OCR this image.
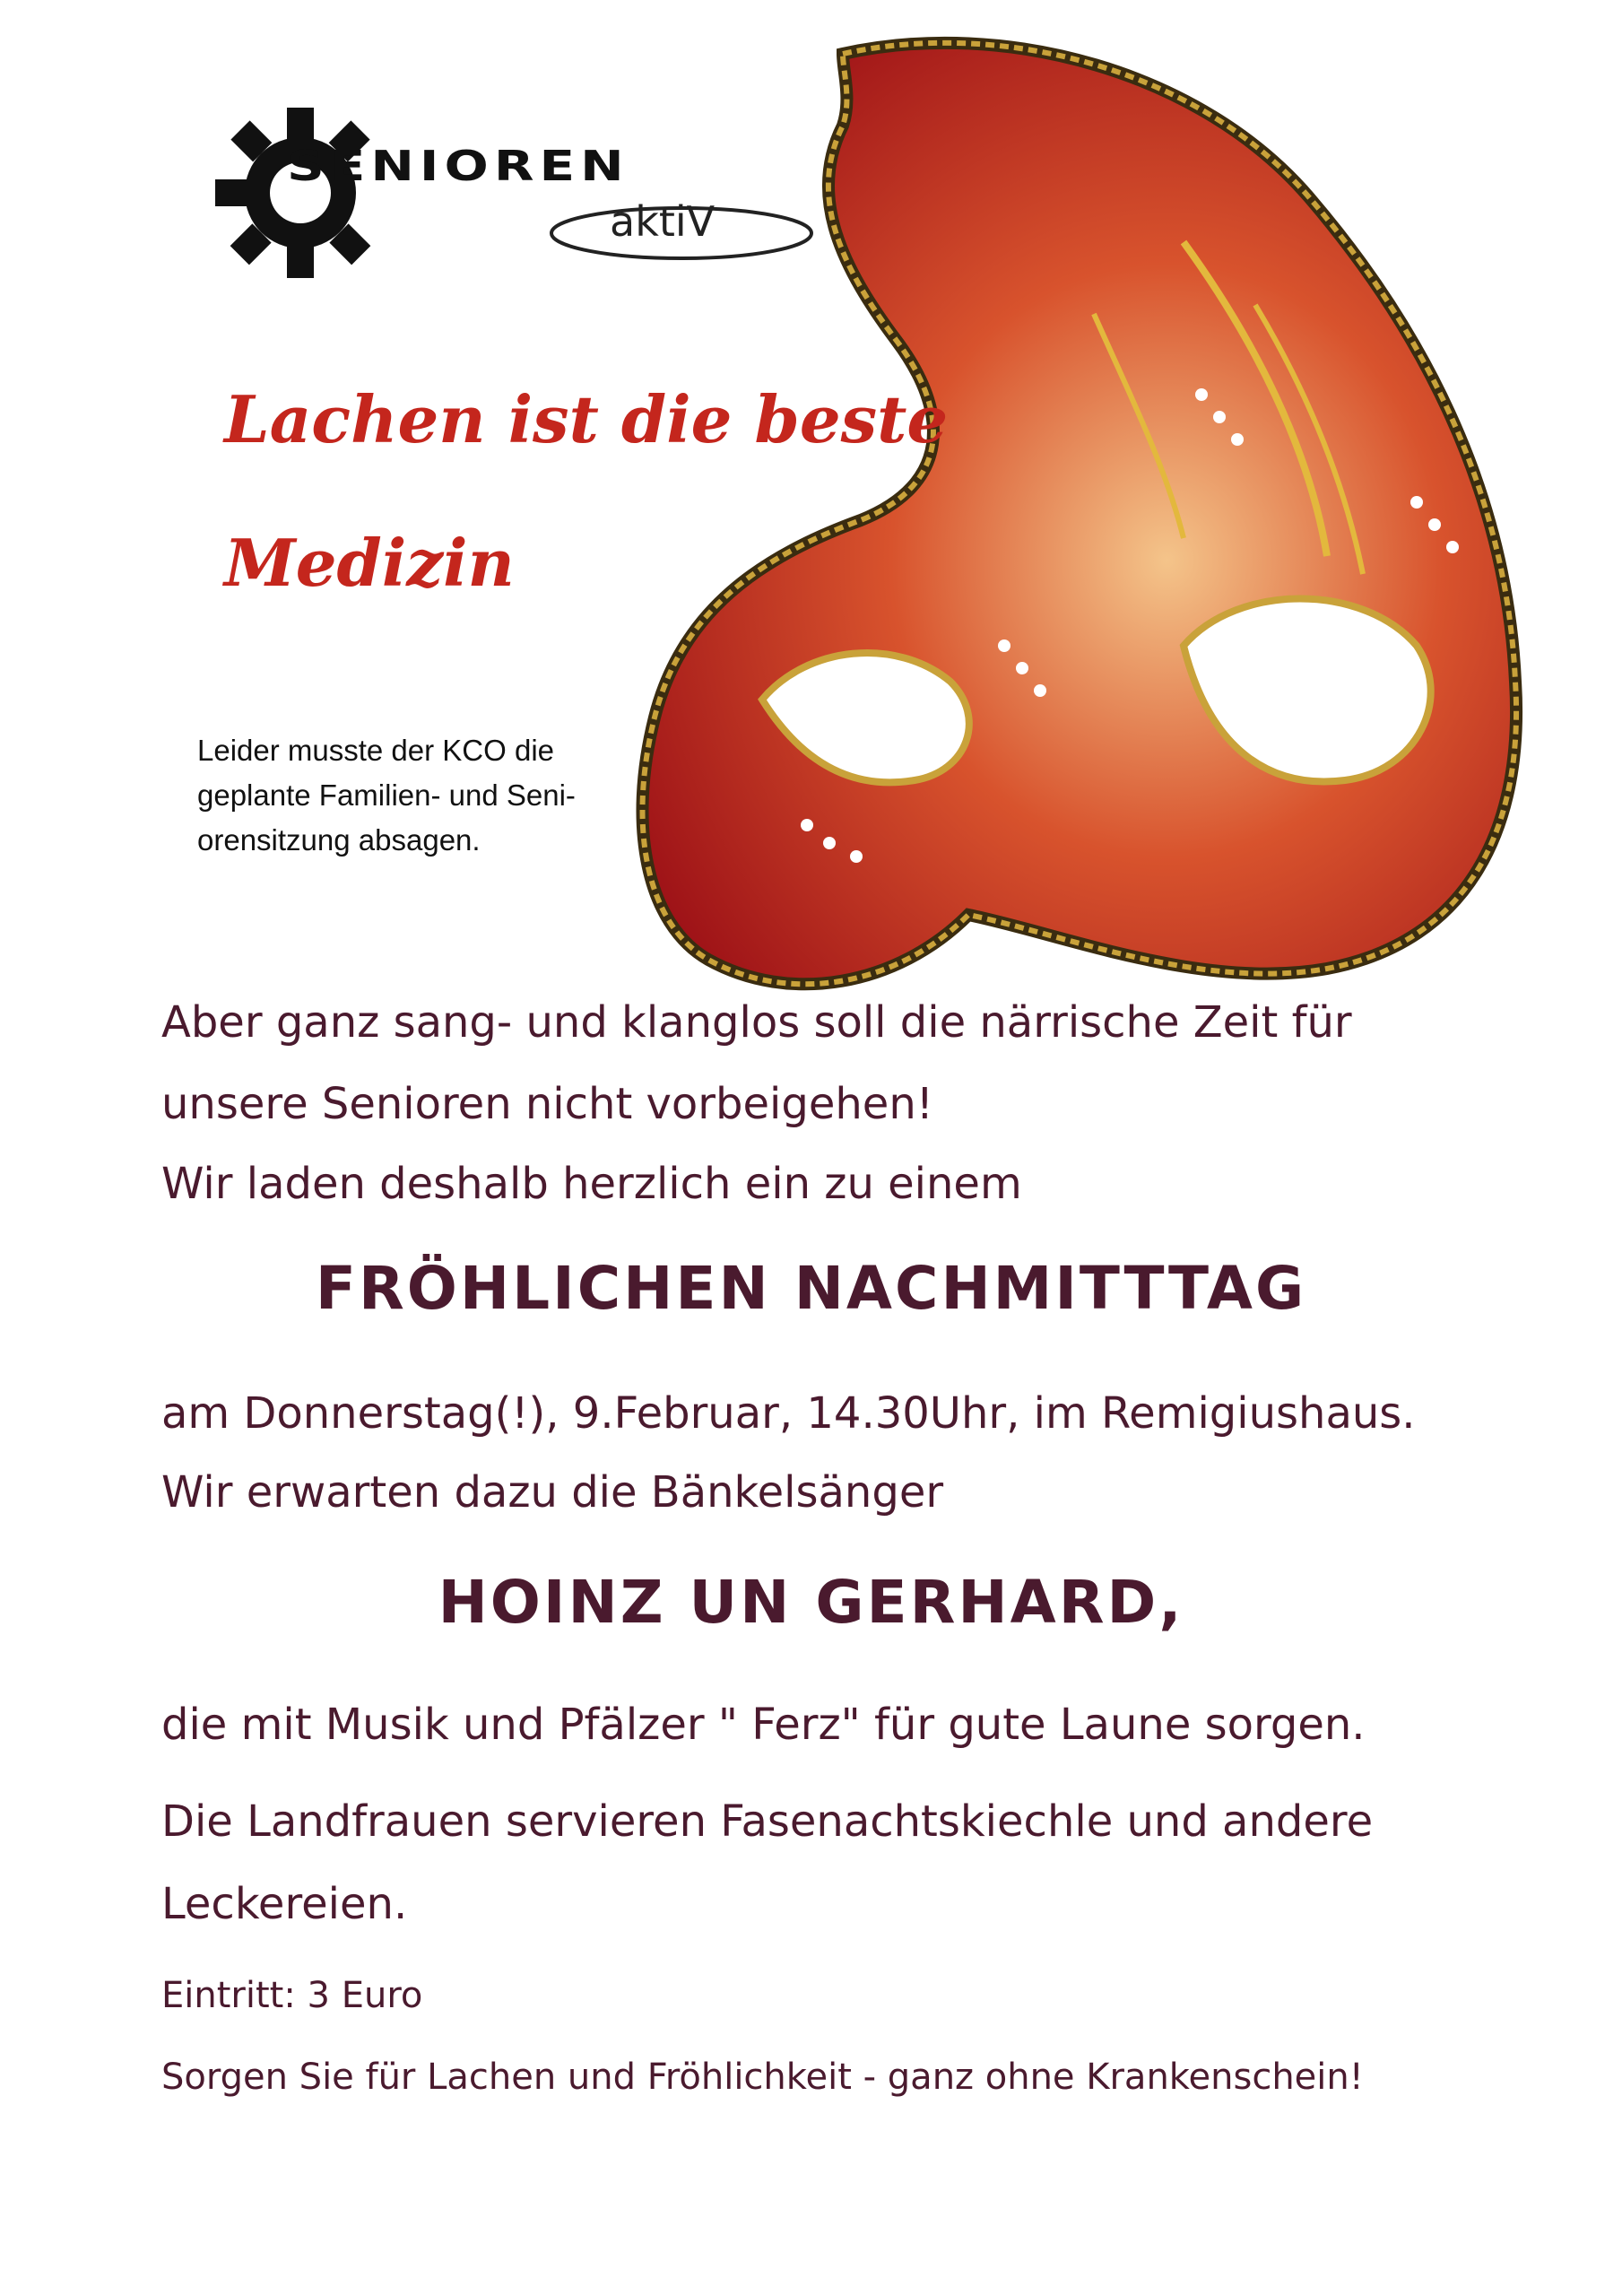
SENIOREN
aktiV
Lachen ist die beste
Medizin
Leider musste der KCO die
geplante Familien- und Seni-
orensitzung absagen.
Aber ganz sang- und klanglos soll die närrische Zeit für
unsere Senioren nicht vorbeigehen!
Wir laden deshalb herzlich ein zu einem
FRÖHLICHEN NACHMITTTAG
am Donnerstag(!), 9.Februar, 14.30Uhr, im Remigiushaus.
Wir erwarten dazu die Bänkelsänger
HOINZ UN GERHARD,
die mit Musik und Pfälzer " Ferz" für gute Laune sorgen.
Die Landfrauen servieren Fasenachtskiechle und andere
Leckereien.
Eintritt: 3 Euro
Sorgen Sie für Lachen und Fröhlichkeit - ganz ohne Krankenschein!
